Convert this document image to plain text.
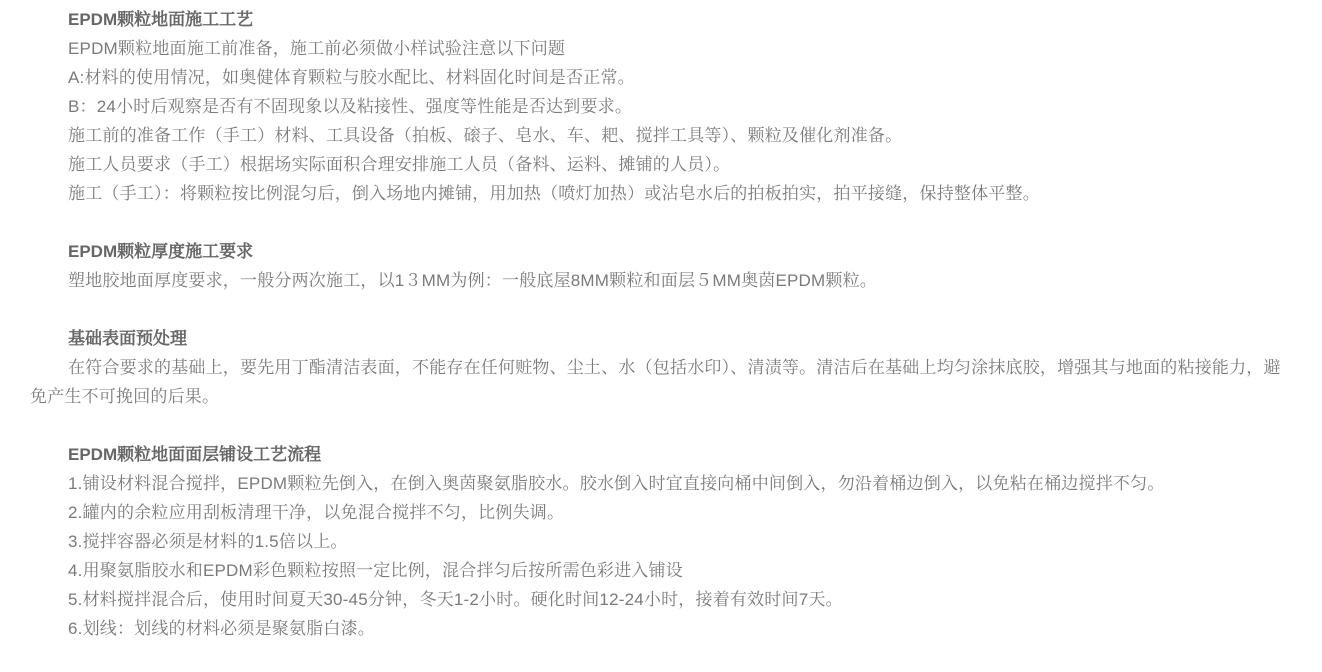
EPDM颗粒地面施工工艺

EPDM颗粒地面施工前准备，施工前必须做小样试验注意以下问题

A:材料的使用情况，如奥健体育颗粒与胶水配比、材料固化时间是否正常。

B：24小时后观察是否有不固现象以及粘接性、强度等性能是否达到要求。

施工前的准备工作（手工）材料、工具设备（拍板、磙子、皂水、车、耙、搅拌工具等）、颗粒及催化剂准备。

施工人员要求（手工）根据场实际面积合理安排施工人员（备料、运料、摊铺的人员）。

施工（手工）：将颗粒按比例混匀后，倒入场地内摊铺，用加热（喷灯加热）或沾皂水后的拍板拍实，拍平接缝，保持整体平整。

EPDM颗粒厚度施工要求

塑地胶地面厚度要求，一般分两次施工，以1３MM为例：一般底屋8MM颗粒和面层５MM奥茵EPDM颗粒。

基础表面预处理

在符合要求的基础上，要先用丁酯清洁表面，不能存在任何赃物、尘土、水（包括水印）、清渍等。清洁后在基础上均匀涂抹底胶，增强其与地面的粘接能力，避免产生不可挽回的后果。

EPDM颗粒地面面层铺设工艺流程

1.铺设材料混合搅拌，EPDM颗粒先倒入，在倒入奥茵聚氨脂胶水。胶水倒入时宜直接向桶中间倒入，勿沿着桶边倒入，以免粘在桶边搅拌不匀。

2.罐内的余粒应用刮板清理干净，以免混合搅拌不匀，比例失调。

3.搅拌容器必须是材料的1.5倍以上。

4.用聚氨脂胶水和EPDM彩色颗粒按照一定比例，混合拌匀后按所需色彩进入铺设

5.材料搅拌混合后，使用时间夏天30-45分钟，冬天1-2小时。硬化时间12-24小时，接着有效时间7天。

6.划线：划线的材料必须是聚氨脂白漆。
